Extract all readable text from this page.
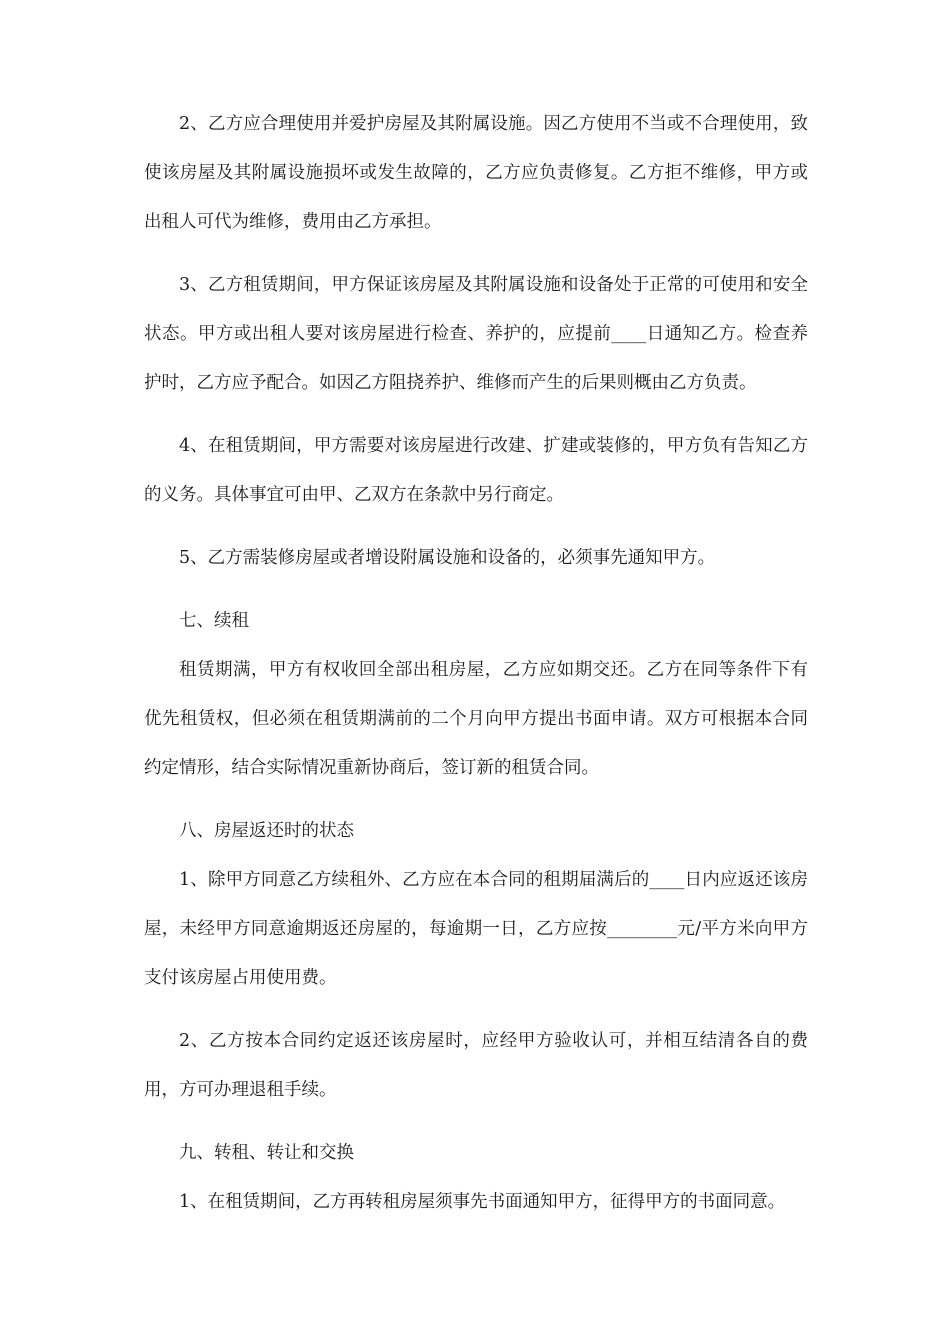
2、乙方应合理使用并爱护房屋及其附属设施。因乙方使用不当或不合理使用，致使该房屋及其附属设施损坏或发生故障的，乙方应负责修复。乙方拒不维修，甲方或出租人可代为维修，费用由乙方承担。

3、乙方租赁期间，甲方保证该房屋及其附属设施和设备处于正常的可使用和安全状态。甲方或出租人要对该房屋进行检查、养护的，应提前____日通知乙方。检查养护时，乙方应予配合。如因乙方阻挠养护、维修而产生的后果则概由乙方负责。

4、在租赁期间，甲方需要对该房屋进行改建、扩建或装修的，甲方负有告知乙方的义务。具体事宜可由甲、乙双方在条款中另行商定。

5、乙方需装修房屋或者增设附属设施和设备的，必须事先通知甲方。

七、续租

租赁期满，甲方有权收回全部出租房屋，乙方应如期交还。乙方在同等条件下有优先租赁权，但必须在租赁期满前的二个月向甲方提出书面申请。双方可根据本合同约定情形，结合实际情况重新协商后，签订新的租赁合同。

八、房屋返还时的状态

1、除甲方同意乙方续租外、乙方应在本合同的租期届满后的____日内应返还该房屋，未经甲方同意逾期返还房屋的，每逾期一日，乙方应按________元/平方米向甲方支付该房屋占用使用费。

2、乙方按本合同约定返还该房屋时，应经甲方验收认可，并相互结清各自的费用，方可办理退租手续。

九、转租、转让和交换

1、在租赁期间，乙方再转租房屋须事先书面通知甲方，征得甲方的书面同意。
